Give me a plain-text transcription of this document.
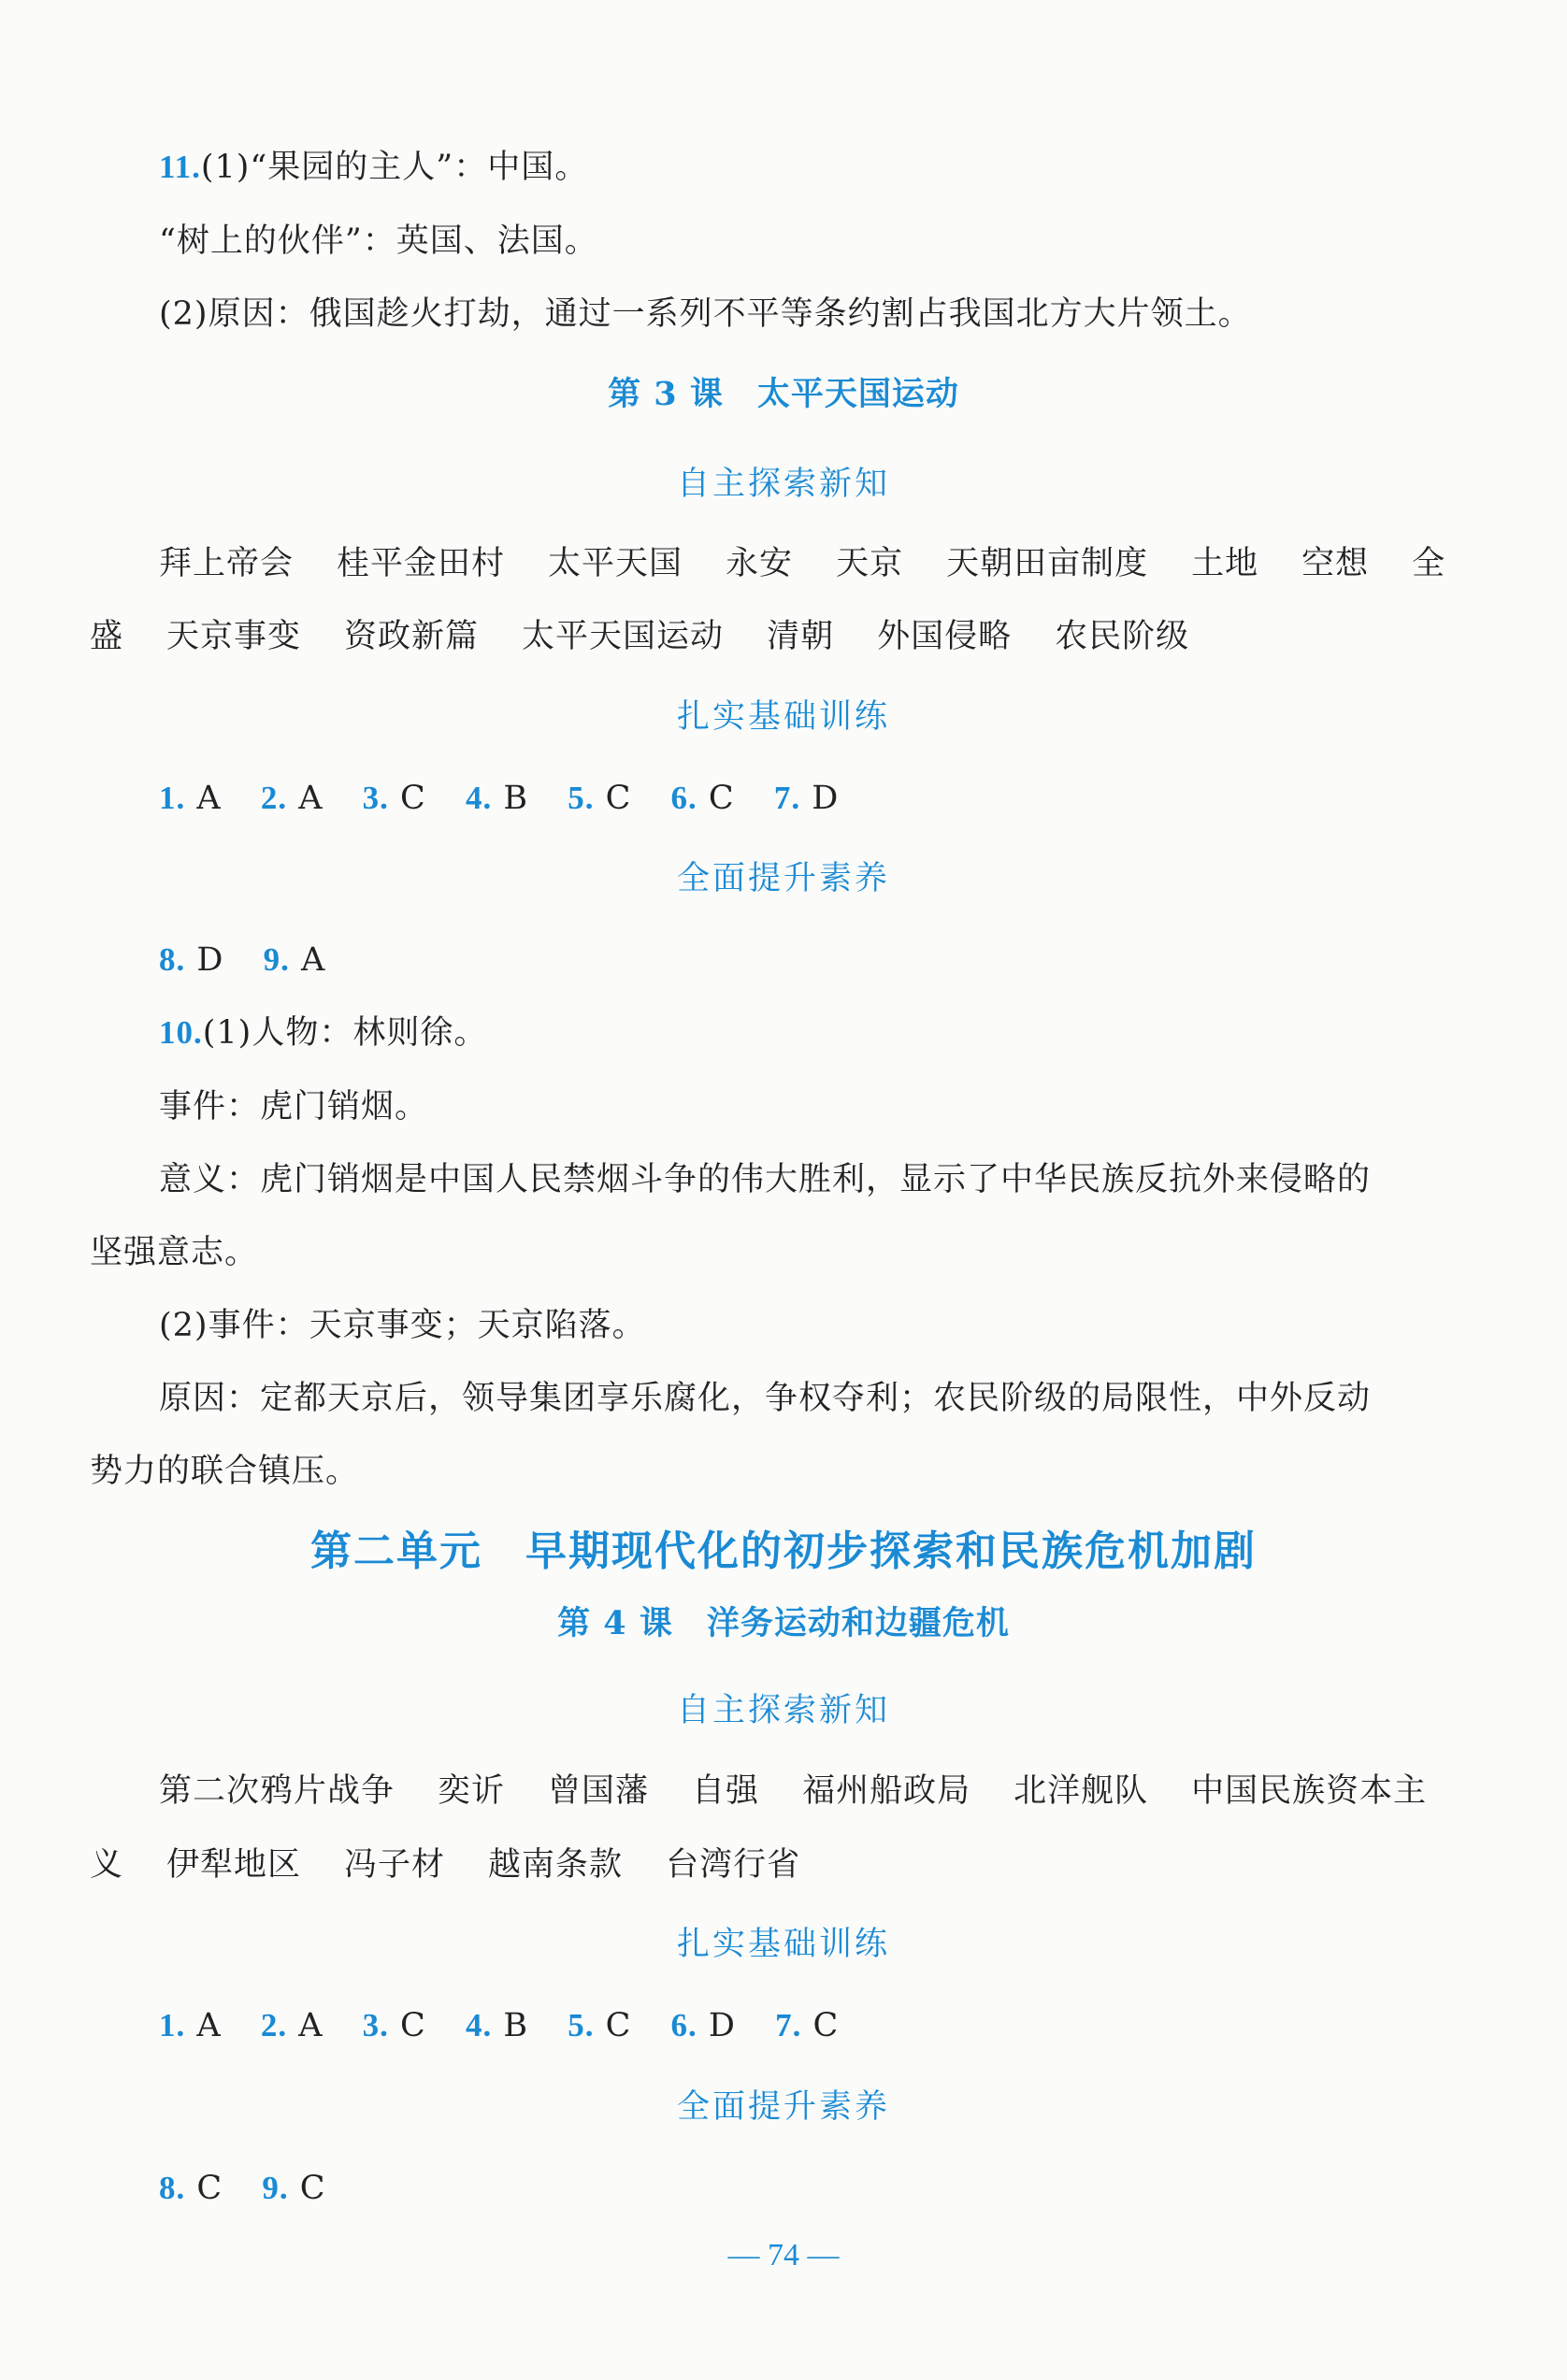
11.(1)“果园的主人”：中国。
“树上的伙伴”：英国、法国。
(2)原因：俄国趁火打劫，通过一系列不平等条约割占我国北方大片领土。
第 3 课　太平天国运动
自主探索新知
拜上帝会 桂平金田村 太平天国 永安 天京 天朝田亩制度 土地 空想 全
盛 天京事变 资政新篇 太平天国运动 清朝 外国侵略 农民阶级
扎实基础训练
1. A 2. A 3. C 4. B 5. C 6. C 7. D
全面提升素养
8. D 9. A
10.(1)人物：林则徐。
事件：虎门销烟。
意义：虎门销烟是中国人民禁烟斗争的伟大胜利，显示了中华民族反抗外来侵略的
坚强意志。
(2)事件：天京事变；天京陷落。
原因：定都天京后，领导集团享乐腐化，争权夺利；农民阶级的局限性，中外反动
势力的联合镇压。
第二单元　早期现代化的初步探索和民族危机加剧
第 4 课　洋务运动和边疆危机
自主探索新知
第二次鸦片战争 奕䜣 曾国藩 自强 福州船政局 北洋舰队 中国民族资本主
义 伊犁地区 冯子材 越南条款 台湾行省
扎实基础训练
1. A 2. A 3. C 4. B 5. C 6. D 7. C
全面提升素养
8. C 9. C
— 74 —
